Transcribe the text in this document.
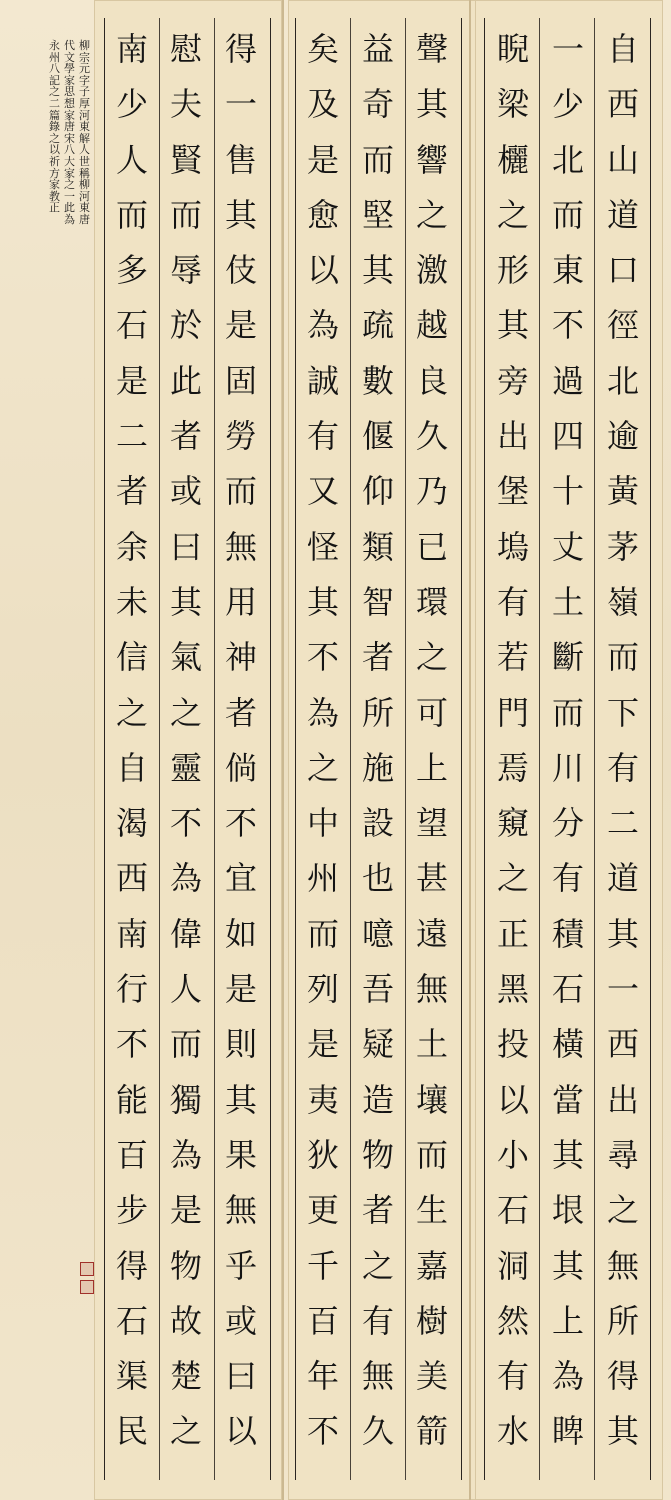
自
西
山
道
口
徑
北
逾
黃
茅
嶺
而
下
有
二
道
其
一
西
出
尋
之
無
所
得
其
一
少
北
而
東
不
過
四
十
丈
土
斷
而
川
分
有
積
石
橫
當
其
垠
其
上
為
睥
睨
梁
欐
之
形
其
旁
出
堡
塢
有
若
門
焉
窺
之
正
黑
投
以
小
石
洞
然
有
水
聲
其
響
之
激
越
良
久
乃
已
環
之
可
上
望
甚
遠
無
土
壤
而
生
嘉
樹
美
箭
益
奇
而
堅
其
疏
數
偃
仰
類
智
者
所
施
設
也
噫
吾
疑
造
物
者
之
有
無
久
矣
及
是
愈
以
為
誠
有
又
怪
其
不
為
之
中
州
而
列
是
夷
狄
更
千
百
年
不
得
一
售
其
伎
是
固
勞
而
無
用
神
者
倘
不
宜
如
是
則
其
果
無
乎
或
曰
以
慰
夫
賢
而
辱
於
此
者
或
曰
其
氣
之
靈
不
為
偉
人
而
獨
為
是
物
故
楚
之
南
少
人
而
多
石
是
二
者
余
未
信
之
自
渴
西
南
行
不
能
百
步
得
石
渠
民
柳
宗
元
字
子
厚
河
東
解
人
世
稱
柳
河
東
唐
代
文
學
家
思
想
家
唐
宋
八
大
家
之
一
此
為
永
州
八
記
之
二
篇
錄
之
以
祈
方
家
教
正
